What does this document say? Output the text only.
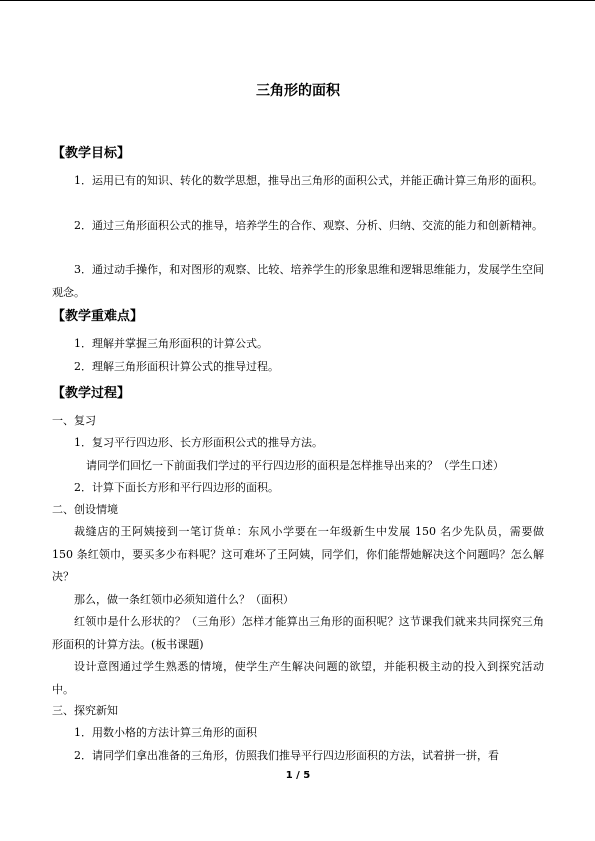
三角形的面积
【教学目标】
1．运用已有的知识、转化的数学思想，推导出三角形的面积公式，并能正确计算三角形的面积。
2．通过三角形面积公式的推导，培养学生的合作、观察、分析、归纳、交流的能力和创新精神。
3．通过动手操作，和对图形的观察、比较、培养学生的形象思维和逻辑思维能力，发展学生空间观念。
【教学重难点】
1．理解并掌握三角形面积的计算公式。
2．理解三角形面积计算公式的推导过程。
【教学过程】
一、复习
1．复习平行四边形、长方形面积公式的推导方法。
请同学们回忆一下前面我们学过的平行四边形的面积是怎样推导出来的？（学生口述）
2．计算下面长方形和平行四边形的面积。
二、创设情境
裁缝店的王阿姨接到一笔订货单：东风小学要在一年级新生中发展 150 名少先队员，需要做 150 条红领巾，要买多少布料呢？这可难坏了王阿姨，同学们，你们能帮她解决这个问题吗？怎么解决？
那么，做一条红领巾必须知道什么？（面积）
红领巾是什么形状的？（三角形）怎样才能算出三角形的面积呢？这节课我们就来共同探究三角形面积的计算方法。(板书课题)
设计意图通过学生熟悉的情境，使学生产生解决问题的欲望，并能积极主动的投入到探究活动中。
三、探究新知
1．用数小格的方法计算三角形的面积
2．请同学们拿出准备的三角形，仿照我们推导平行四边形面积的方法，试着拼一拼，看
1 / 5
